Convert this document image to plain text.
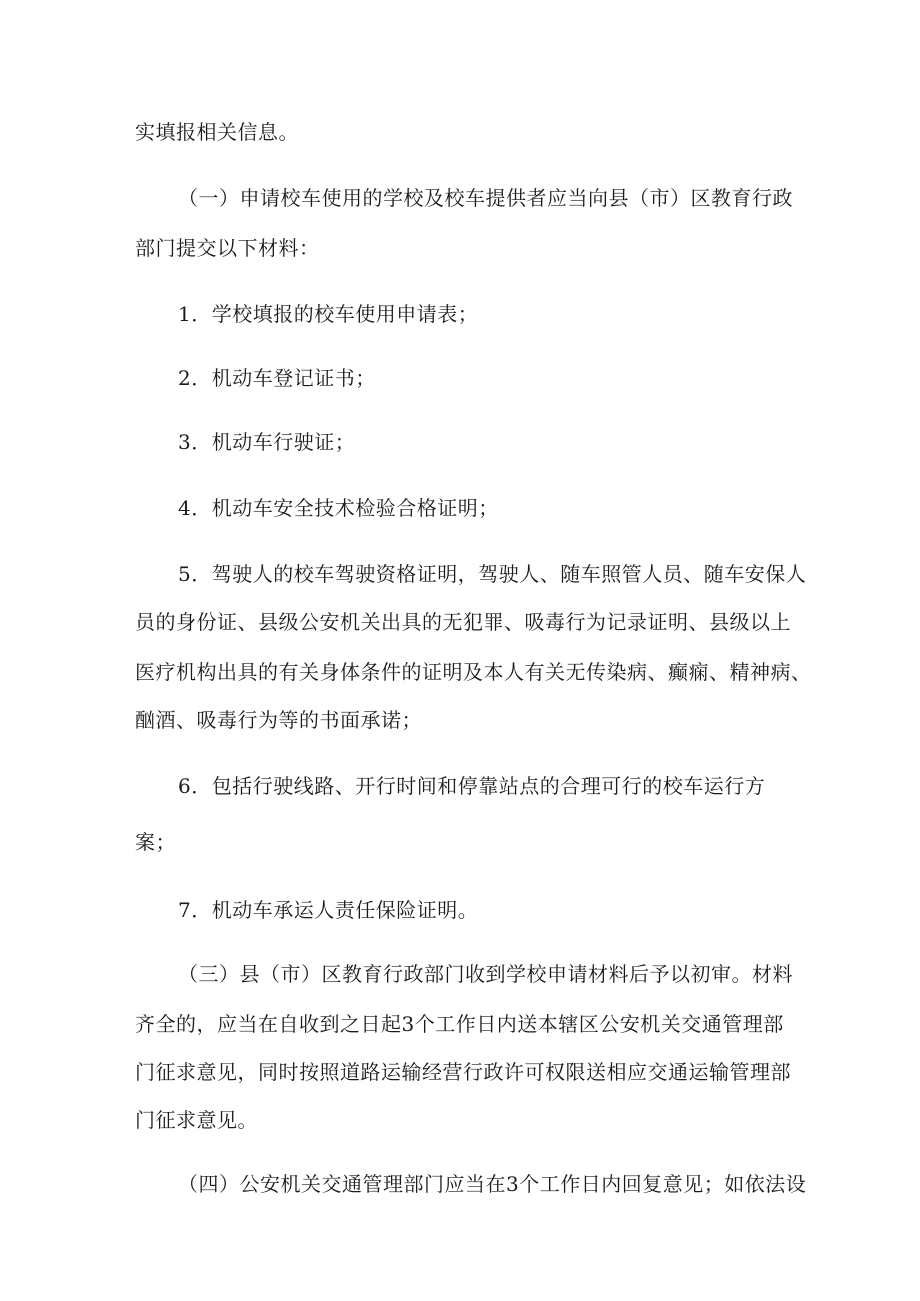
实填报相关信息。
（一）申请校车使用的学校及校车提供者应当向县（市）区教育行政
部门提交以下材料：
1．学校填报的校车使用申请表；
2．机动车登记证书；
3．机动车行驶证；
4．机动车安全技术检验合格证明；
5．驾驶人的校车驾驶资格证明，驾驶人、随车照管人员、随车安保人
员的身份证、县级公安机关出具的无犯罪、吸毒行为记录证明、县级以上
医疗机构出具的有关身体条件的证明及本人有关无传染病、癫痫、精神病、
酗酒、吸毒行为等的书面承诺；
6．包括行驶线路、开行时间和停靠站点的合理可行的校车运行方
案；
7．机动车承运人责任保险证明。
（三）县（市）区教育行政部门收到学校申请材料后予以初审。材料
齐全的，应当在自收到之日起3个工作日内送本辖区公安机关交通管理部
门征求意见，同时按照道路运输经营行政许可权限送相应交通运输管理部
门征求意见。
（四）公安机关交通管理部门应当在3个工作日内回复意见；如依法设
